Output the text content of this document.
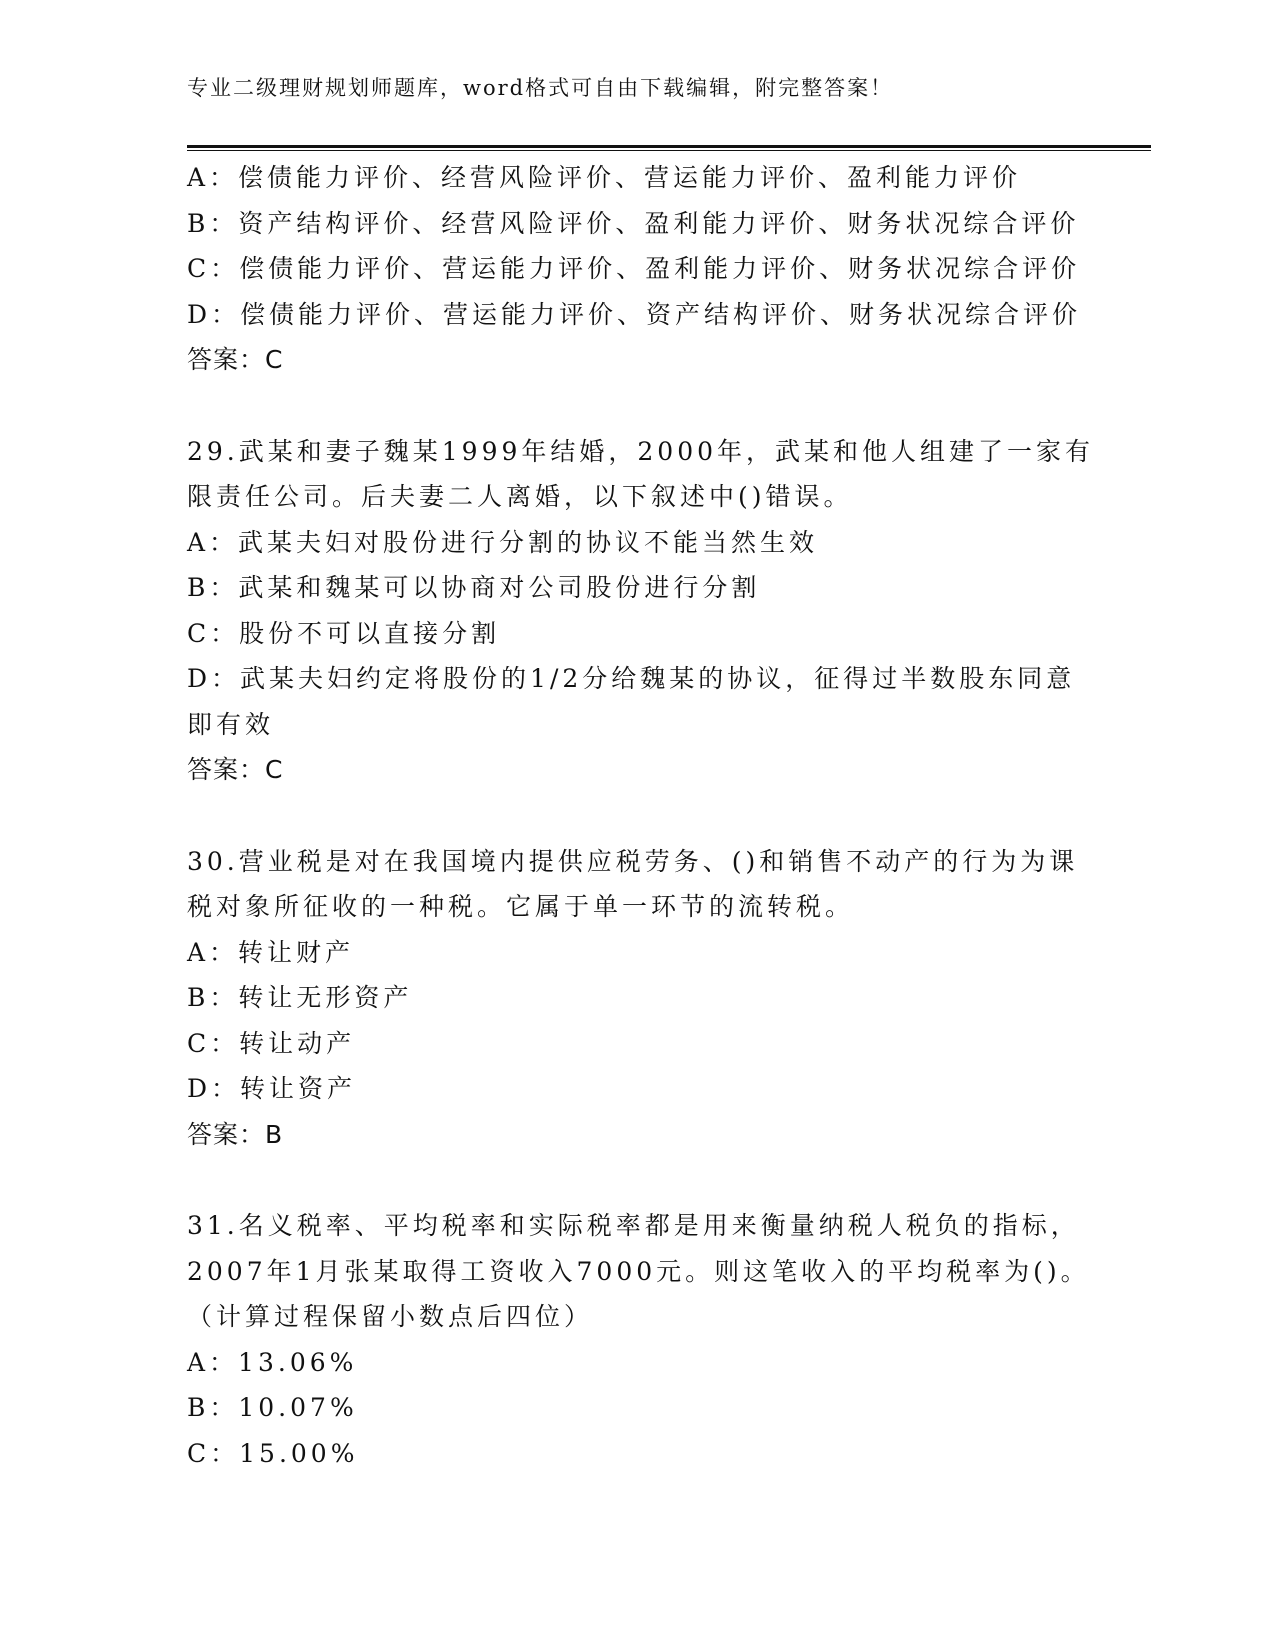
专业二级理财规划师题库，word格式可自由下载编辑，附完整答案！
A：偿债能力评价、经营风险评价、营运能力评价、盈利能力评价
B：资产结构评价、经营风险评价、盈利能力评价、财务状况综合评价
C：偿债能力评价、营运能力评价、盈利能力评价、财务状况综合评价
D：偿债能力评价、营运能力评价、资产结构评价、财务状况综合评价
答案：C
29.武某和妻子魏某1999年结婚，2000年，武某和他人组建了一家有
限责任公司。后夫妻二人离婚，以下叙述中()错误。
A：武某夫妇对股份进行分割的协议不能当然生效
B：武某和魏某可以协商对公司股份进行分割
C：股份不可以直接分割
D：武某夫妇约定将股份的1/2分给魏某的协议，征得过半数股东同意
即有效
答案：C
30.营业税是对在我国境内提供应税劳务、()和销售不动产的行为为课
税对象所征收的一种税。它属于单一环节的流转税。
A：转让财产
B：转让无形资产
C：转让动产
D：转让资产
答案：B
31.名义税率、平均税率和实际税率都是用来衡量纳税人税负的指标，
2007年1月张某取得工资收入7000元。则这笔收入的平均税率为()。
（计算过程保留小数点后四位）
A：13.06%
B：10.07%
C：15.00%
